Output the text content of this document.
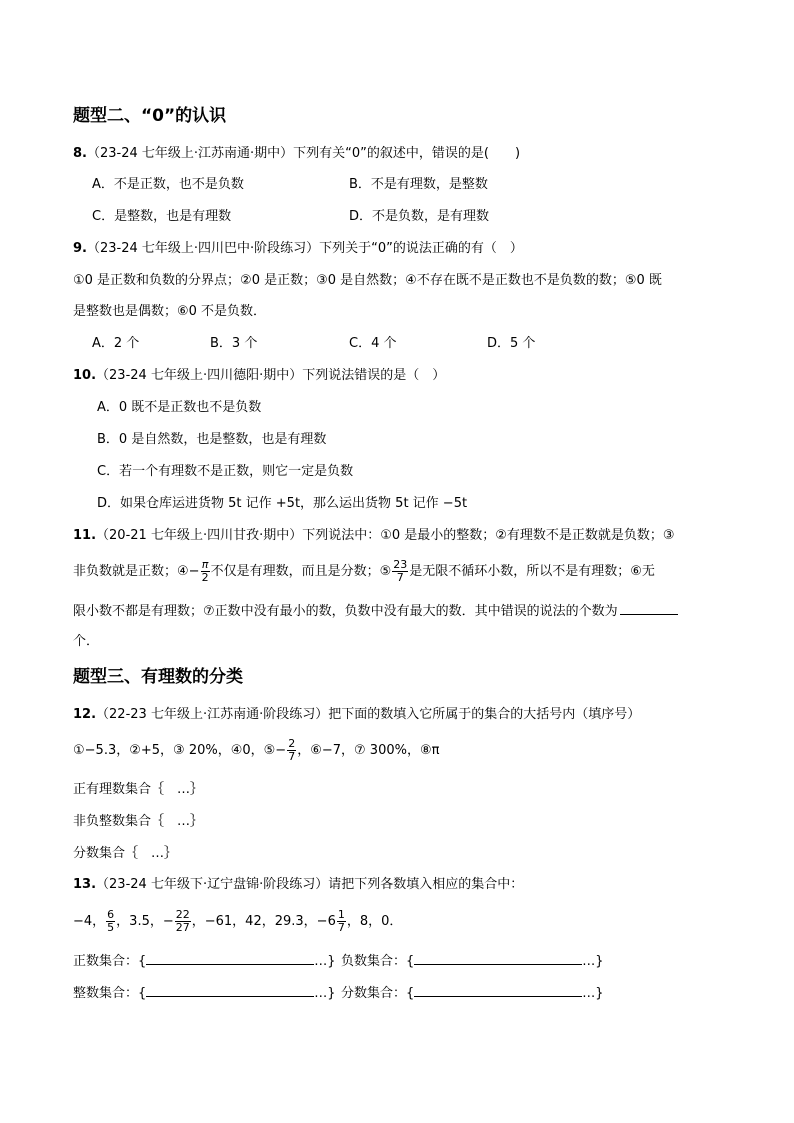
题型二、“0”的认识
8.（23-24 七年级上·江苏南通·期中）下列有关“0”的叙述中，错误的是(　　)
A．不是正数，也不是负数	B．不是有理数，是整数
C．是整数，也是有理数	D．不是负数，是有理数
9.（23-24 七年级上·四川巴中·阶段练习）下列关于“0”的说法正确的有（　）
①0 是正数和负数的分界点；②0 是正数；③0 是自然数；④不存在既不是正数也不是负数的数；⑤0 既
是整数也是偶数；⑥0 不是负数．
A．2 个	B．3 个	C．4 个	D．5 个
10.（23-24 七年级上·四川德阳·期中）下列说法错误的是（　）
A．0 既不是正数也不是负数
B．0 是自然数，也是整数，也是有理数
C．若一个有理数不是正数，则它一定是负数
D．如果仓库运进货物 5t 记作 +5t，那么运出货物 5t 记作 −5t
11.（20-21 七年级上·四川甘孜·期中）下列说法中：①0 是最小的整数；②有理数不是正数就是负数；③
非负数就是正数；④− $\frac{\pi}{2}$ 不仅是有理数，而且是分数；⑤ $\frac{23}{7}$ 是无限不循环小数，所以不是有理数；⑥无
限小数不都是有理数；⑦正数中没有最小的数，负数中没有最大的数．其中错误的说法的个数为
个．
题型三、有理数的分类
12.（22-23 七年级上·江苏南通·阶段练习）把下面的数填入它所属于的集合的大括号内（填序号）
①−5.3，②+5，③ 20%，④0，⑤− $\frac{2}{7}$ ，⑥−7，⑦ 300%，⑧π
正有理数集合｛　…｝
非负整数集合｛　…｝
分数集合｛　…｝
13.（23-24 七年级下·辽宁盘锦·阶段练习）请把下列各数填入相应的集合中：
−4， $\frac{6}{5}$ ，3.5，− $\frac{22}{27}$ ，−61，42，29.3，$-6 \frac{1}{7}$ ，8，0．
正数集合：{	…} 负数集合：{	…}
整数集合：{	…} 分数集合：{	…}
